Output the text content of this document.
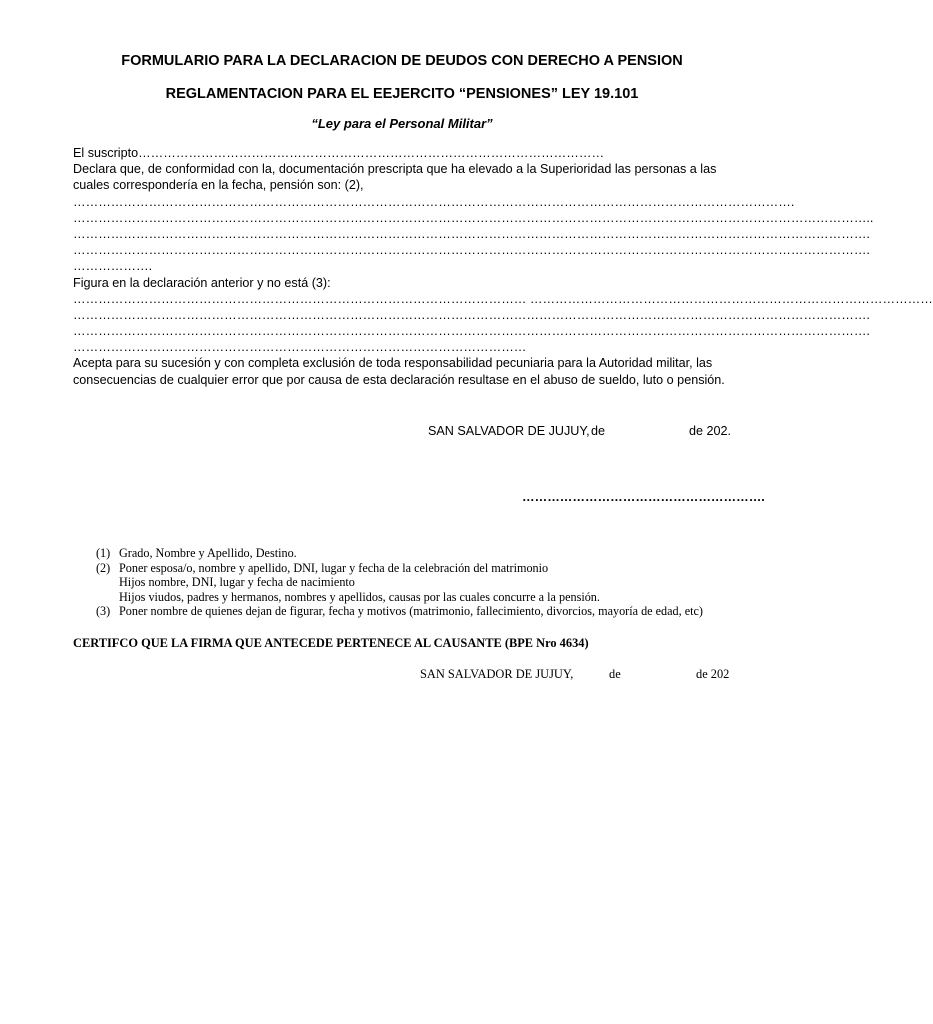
FORMULARIO PARA LA DECLARACION DE DEUDOS CON DERECHO A PENSION
REGLAMENTACION PARA EL EEJERCITO “PENSIONES” LEY 19.101
“Ley para el Personal Militar”
El suscripto…………………………………………………………………………………………………
Declara que, de conformidad con la, documentación prescripta que ha elevado a la Superioridad las personas a las cuales correspondería en la fecha, pensión son: (2),
……………………………………………………………………………………………………………………………………………………….
………………………………………………………………………………………………………………………………………………………………………..
……………………………………………………………………………………………………………………………………………………………………….
……………………………………………………………………………………………………………………………………………………………………….
……………….
Figura en la declaración anterior y no está (3):
……………………………………………………………………………………………… ……………………………………………………………………………………
……………………………………………………………………………………………………………………………………………………………………….
……………………………………………………………………………………………………………………………………………………………………….
………………………………………………………………………………………………
Acepta para su sucesión y con completa exclusión de toda responsabilidad pecuniaria para la Autoridad militar, las consecuencias de cualquier error que por causa de esta declaración resultase en el abuso de sueldo, luto o pensión.
SAN SALVADOR DE JUJUY, de	de 202.
………………………………………………….
(1) Grado, Nombre y Apellido, Destino.
(2) Poner esposa/o, nombre y apellido, DNI, lugar y fecha de la celebración del matrimonio
Hijos nombre, DNI, lugar y fecha de nacimiento
Hijos viudos, padres y hermanos, nombres y apellidos, causas por las cuales concurre a la pensión.
(3) Poner nombre de quienes dejan de figurar, fecha y motivos (matrimonio, fallecimiento, divorcios, mayoría de edad, etc)
CERTIFCO QUE LA FIRMA QUE ANTECEDE PERTENECE AL CAUSANTE (BPE Nro 4634)
SAN SALVADOR DE JUJUY,	de	de 202
